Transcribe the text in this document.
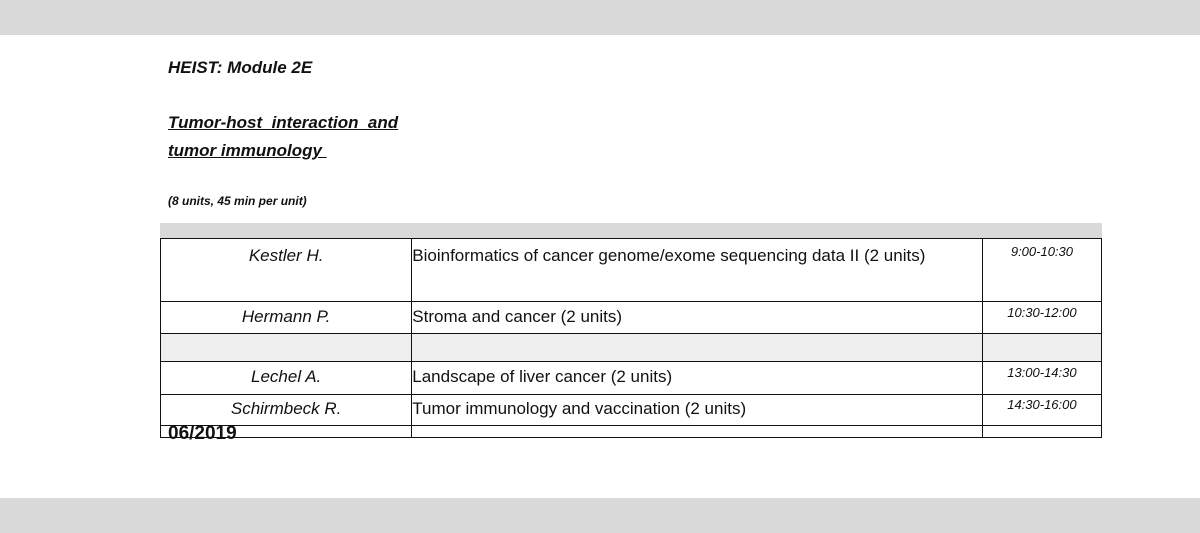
HEIST: Module 2E
Tumor-host  interaction  and
tumor immunology
(8 units, 45 min per unit)
Kestler H.	Bioinformatics of cancer genome/exome sequencing data II (2 units)	9:00-10:30
Hermann P.	Stroma and cancer (2 units)	10:30-12:00

Lechel A.	Landscape of liver cancer (2 units)	13:00-14:30
Schirmbeck R.	Tumor immunology and vaccination (2 units)	14:30-16:00

06/2019
